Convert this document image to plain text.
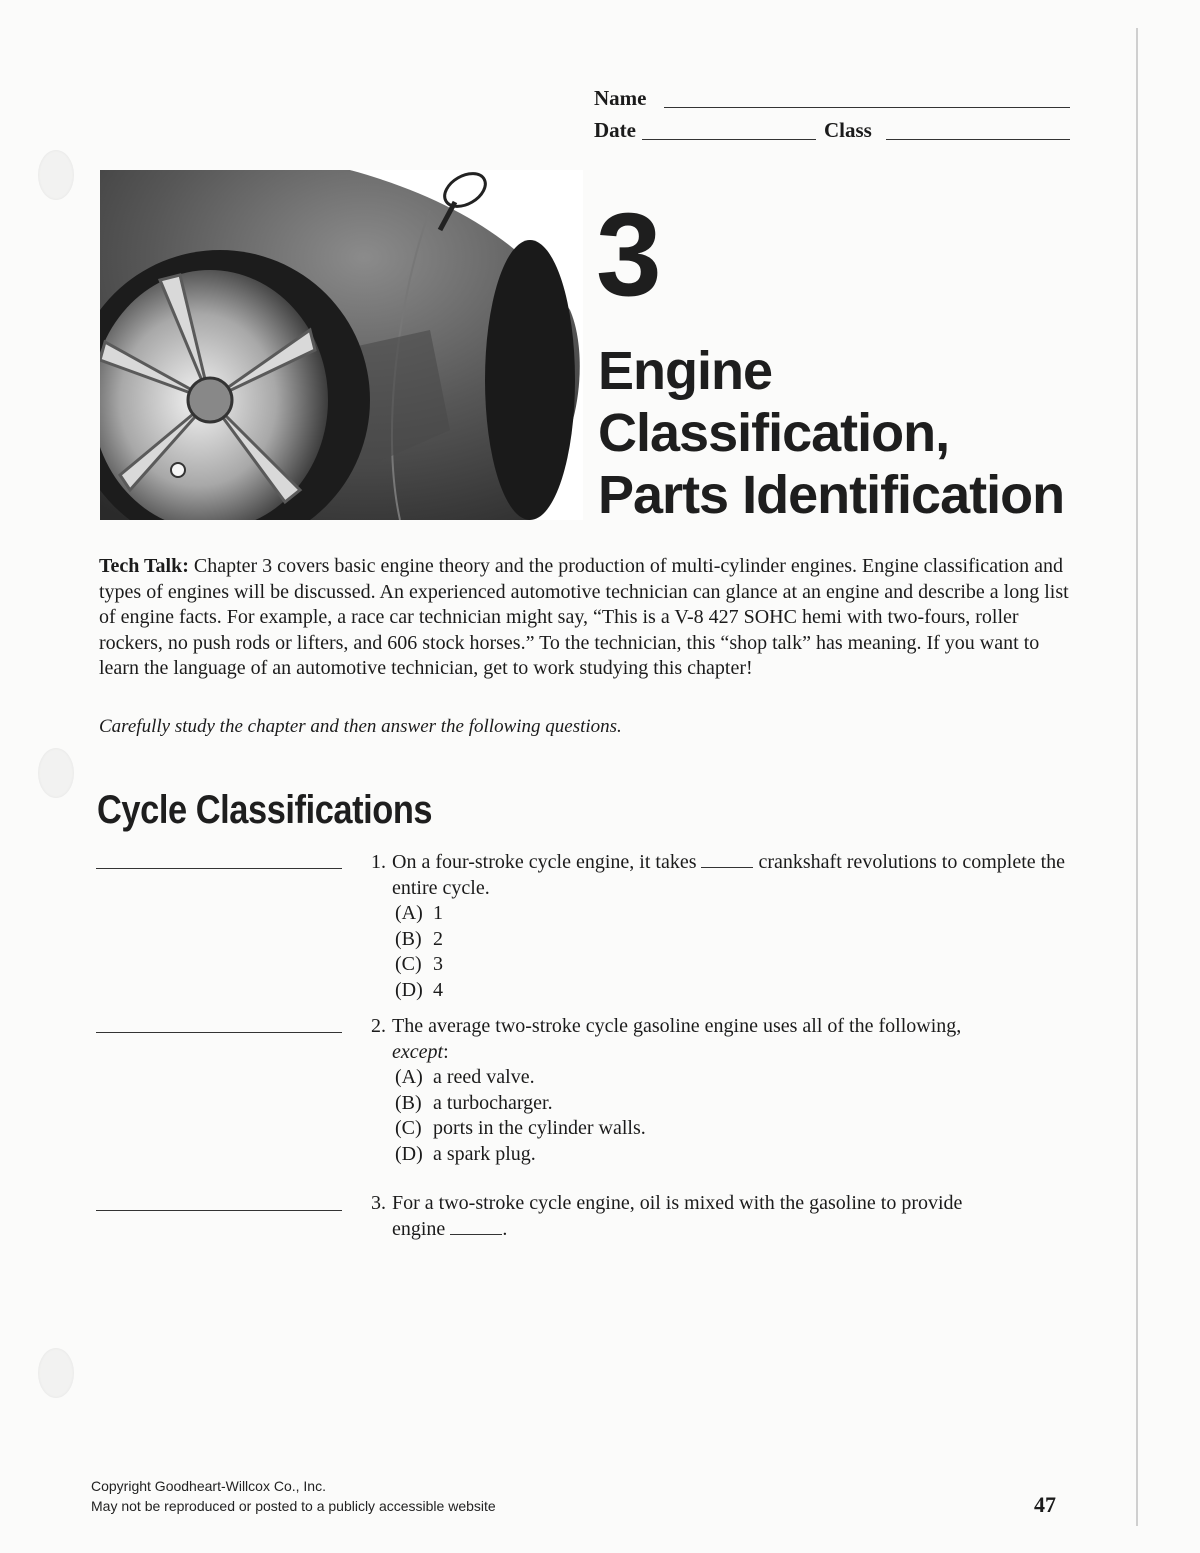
Name
Date	Class
3
Engine
Classification,
Parts Identification
Tech Talk: Chapter 3 covers basic engine theory and the production of multi-cylinder engines. Engine classification and types of engines will be discussed. An experienced automotive technician can glance at an engine and describe a long list of engine facts. For example, a race car technician might say, “This is a V-8 427 SOHC hemi with two-fours, roller rockers, no push rods or lifters, and 606 stock horses.” To the technician, this “shop talk” has meaning. If you want to learn the language of an automotive technician, get to work studying this chapter!
Carefully study the chapter and then answer the following questions.
Cycle Classifications
1. On a four-stroke cycle engine, it takes	crankshaft revolutions to complete the entire cycle.
(A) 1
(B) 2
(C) 3
(D) 4
2. The average two-stroke cycle gasoline engine uses all of the following, except:
(A) a reed valve.
(B) a turbocharger.
(C) ports in the cylinder walls.
(D) a spark plug.
3. For a two-stroke cycle engine, oil is mixed with the gasoline to provide engine	.
Copyright Goodheart-Willcox Co., Inc.
May not be reproduced or posted to a publicly accessible website	47
